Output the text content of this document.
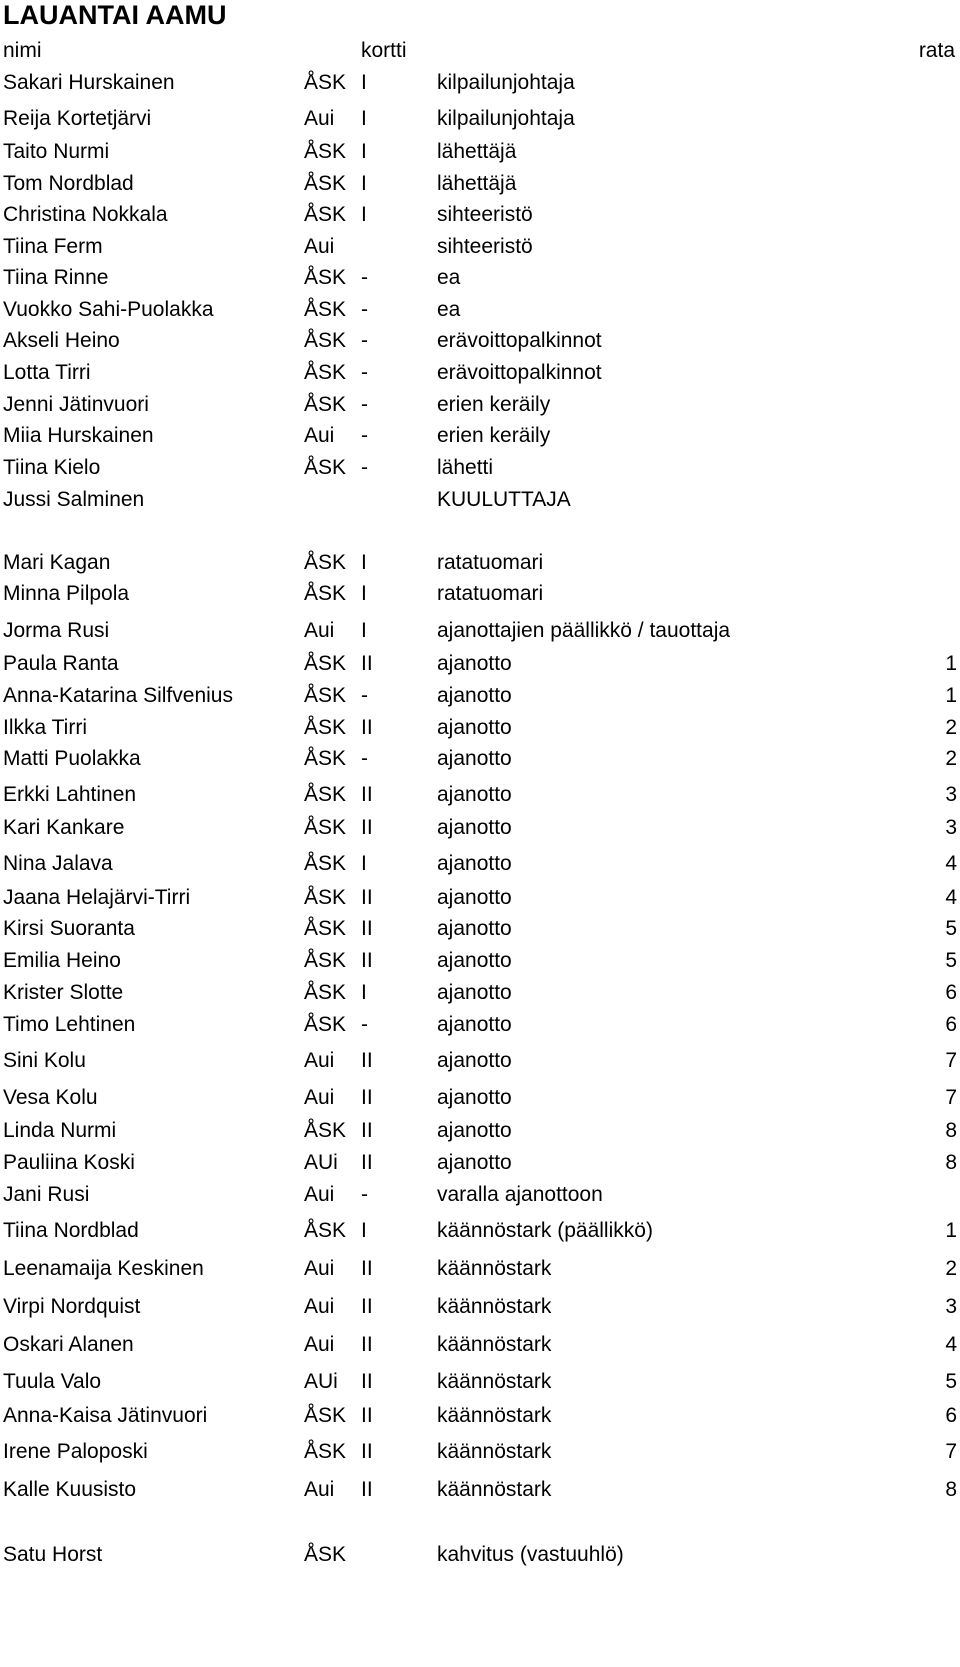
LAUANTAI AAMU
nimi	kortti	rata
Sakari Hurskainen	ÅSK I	kilpailunjohtaja
Reija Kortetjärvi	Aui I	kilpailunjohtaja
Taito Nurmi	ÅSK I	lähettäjä
Tom Nordblad	ÅSK I	lähettäjä
Christina Nokkala	ÅSK I	sihteeristö
Tiina Ferm	Aui	sihteeristö
Tiina Rinne	ÅSK -	ea
Vuokko Sahi-Puolakka	ÅSK -	ea
Akseli Heino	ÅSK -	erävoittopalkinnot
Lotta Tirri	ÅSK -	erävoittopalkinnot
Jenni Jätinvuori	ÅSK -	erien keräily
Miia Hurskainen	Aui -	erien keräily
Tiina Kielo	ÅSK -	lähetti
Jussi Salminen	KUULUTTAJA
Mari Kagan	ÅSK I	ratatuomari
Minna Pilpola	ÅSK I	ratatuomari
Jorma Rusi	Aui I	ajanottajien päällikkö / tauottaja
Paula Ranta	ÅSK II	ajanotto	1
Anna-Katarina Silfvenius	ÅSK -	ajanotto	1
Ilkka Tirri	ÅSK II	ajanotto	2
Matti Puolakka	ÅSK -	ajanotto	2
Erkki Lahtinen	ÅSK II	ajanotto	3
Kari Kankare	ÅSK II	ajanotto	3
Nina Jalava	ÅSK I	ajanotto	4
Jaana Helajärvi-Tirri	ÅSK II	ajanotto	4
Kirsi Suoranta	ÅSK II	ajanotto	5
Emilia Heino	ÅSK II	ajanotto	5
Krister Slotte	ÅSK I	ajanotto	6
Timo Lehtinen	ÅSK -	ajanotto	6
Sini Kolu	Aui II	ajanotto	7
Vesa Kolu	Aui II	ajanotto	7
Linda Nurmi	ÅSK II	ajanotto	8
Pauliina Koski	AUi II	ajanotto	8
Jani Rusi	Aui -	varalla ajanottoon
Tiina Nordblad	ÅSK I	käännöstark (päällikkö)	1
Leenamaija Keskinen	Aui II	käännöstark	2
Virpi Nordquist	Aui II	käännöstark	3
Oskari Alanen	Aui II	käännöstark	4
Tuula Valo	AUi II	käännöstark	5
Anna-Kaisa Jätinvuori	ÅSK II	käännöstark	6
Irene Paloposki	ÅSK II	käännöstark	7
Kalle Kuusisto	Aui II	käännöstark	8
Satu Horst	ÅSK	kahvitus (vastuuhlö)
